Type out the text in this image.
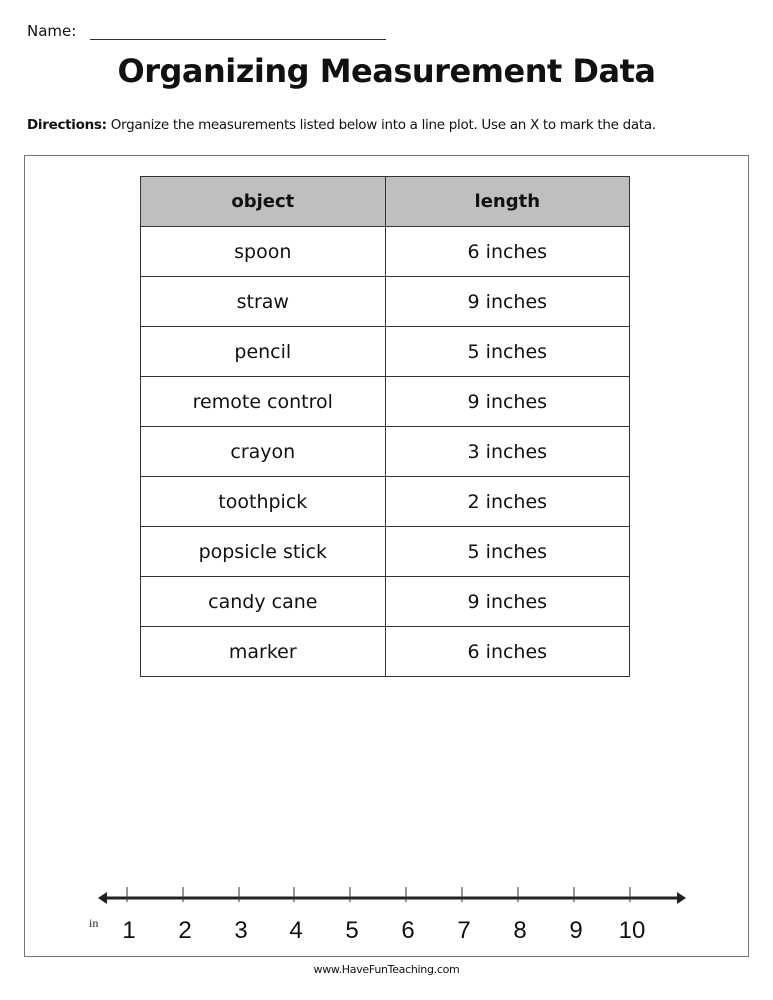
Name:
Organizing Measurement Data
Directions: Organize the measurements listed below into a line plot. Use an X to mark the data.
object	length
spoon	6 inches
straw	9 inches
pencil	5 inches
remote control	9 inches
crayon	3 inches
toothpick	2 inches
popsicle stick	5 inches
candy cane	9 inches
marker	6 inches
in 1 2 3 4 5 6 7 8 9 10
www.HaveFunTeaching.com
